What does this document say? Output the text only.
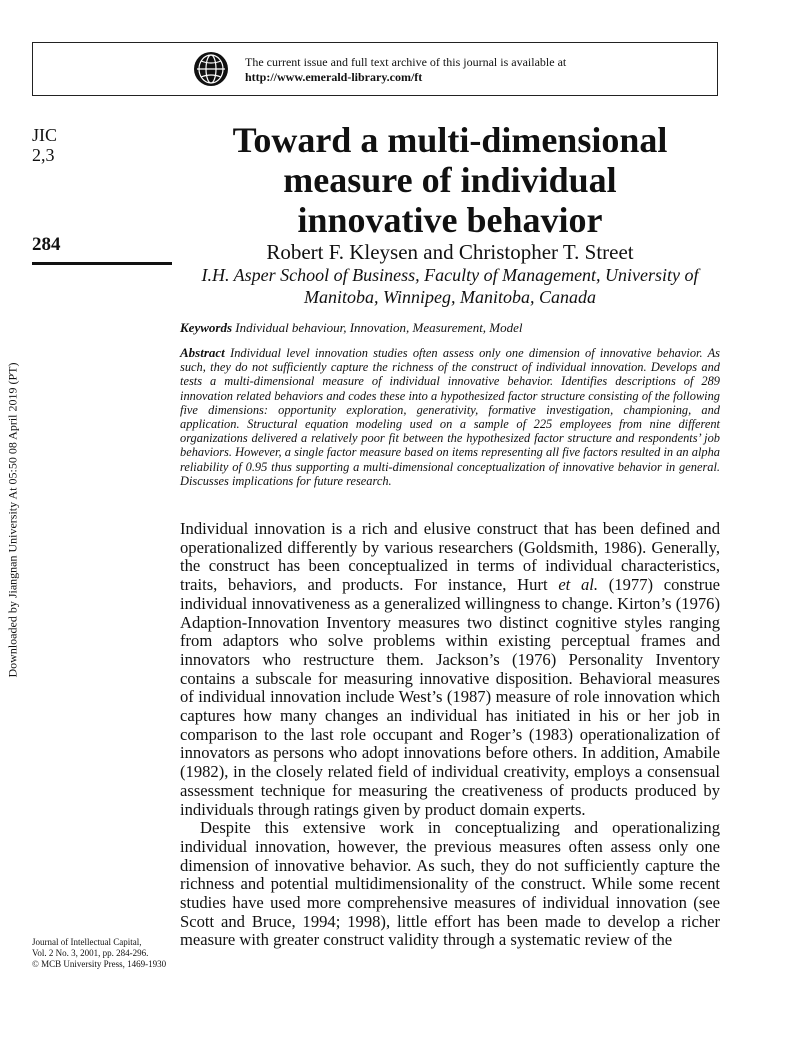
The current issue and full text archive of this journal is available at
http://www.emerald-library.com/ft
JIC
2,3
284
Downloaded by Jiangnan University At 05:50 08 April 2019 (PT)
Toward a multi-dimensional
measure of individual
innovative behavior
Robert F. Kleysen and Christopher T. Street
I.H. Asper School of Business, Faculty of Management, University of
Manitoba, Winnipeg, Manitoba, Canada
Keywords Individual behaviour, Innovation, Measurement, Model
Abstract Individual level innovation studies often assess only one dimension of innovative behavior. As such, they do not sufficiently capture the richness of the construct of individual innovation. Develops and tests a multi-dimensional measure of individual innovative behavior. Identifies descriptions of 289 innovation related behaviors and codes these into a hypothesized factor structure consisting of the following five dimensions: opportunity exploration, generativity, formative investigation, championing, and application. Structural equation modeling used on a sample of 225 employees from nine different organizations delivered a relatively poor fit between the hypothesized factor structure and respondents’ job behaviors. However, a single factor measure based on items representing all five factors resulted in an alpha reliability of 0.95 thus supporting a multi-dimensional conceptualization of innovative behavior in general. Discusses implications for future research.

Individual innovation is a rich and elusive construct that has been defined and operationalized differently by various researchers (Goldsmith, 1986). Generally, the construct has been conceptualized in terms of individual characteristics, traits, behaviors, and products. For instance, Hurt et al. (1977) construe individual innovativeness as a generalized willingness to change. Kirton’s (1976) Adaption-Innovation Inventory measures two distinct cognitive styles ranging from adaptors who solve problems within existing perceptual frames and innovators who restructure them. Jackson’s (1976) Personality Inventory contains a subscale for measuring innovative disposition. Behavioral measures of individual innovation include West’s (1987) measure of role innovation which captures how many changes an individual has initiated in his or her job in comparison to the last role occupant and Roger’s (1983) operationalization of innovators as persons who adopt innovations before others. In addition, Amabile (1982), in the closely related field of individual creativity, employs a consensual assessment technique for measuring the creativeness of products produced by individuals through ratings given by product domain experts.

Despite this extensive work in conceptualizing and operationalizing individual innovation, however, the previous measures often assess only one dimension of innovative behavior. As such, they do not sufficiently capture the richness and potential multidimensionality of the construct. While some recent studies have used more comprehensive measures of individual innovation (see Scott and Bruce, 1994; 1998), little effort has been made to develop a richer measure with greater construct validity through a systematic review of the

Journal of Intellectual Capital,
Vol. 2 No. 3, 2001, pp. 284-296.
© MCB University Press, 1469-1930
